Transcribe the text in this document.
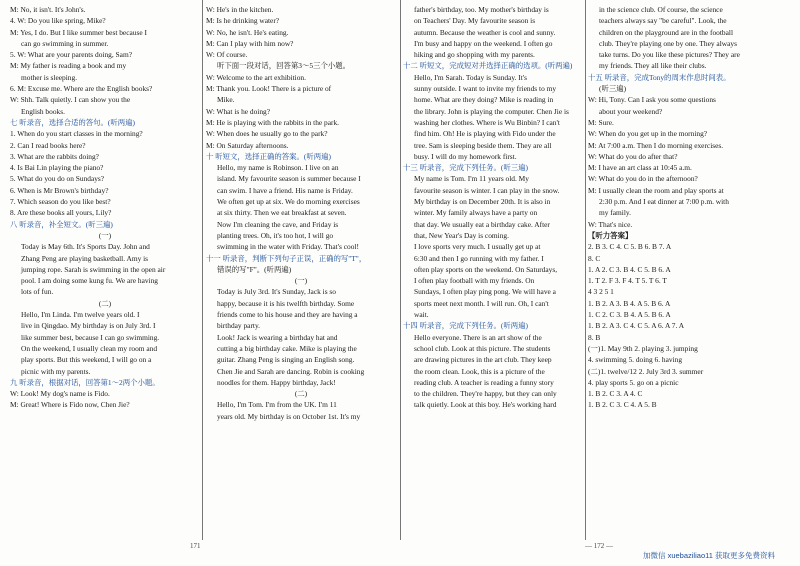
M: No, it isn't. It's John's.
4. W: Do you like spring, Mike?
M: Yes, I do. But I like summer best because I
can go swimming in summer.
5. W: What are your parents doing, Sam?
M: My father is reading a book and my
mother is sleeping.
6. M: Excuse me. Where are the English books?
W: Shh. Talk quietly. I can show you the
English books.
七 听录音，选择合适的答句。(听两遍)
1. When do you start classes in the morning?
2. Can I read books here?
3. What are the rabbits doing?
4. Is Bai Lin playing the piano?
5. What do you do on Sundays?
6. When is Mr Brown's birthday?
7. Which season do you like best?
8. Are these books all yours, Lily?
八 听录音，补全短文。(听三遍)
(一)
Today is May 6th. It's Sports Day. John and
Zhang Peng are playing basketball. Amy is
jumping rope. Sarah is swimming in the open air
pool. I am doing some kung fu. We are having
lots of fun.
(二)
Hello, I'm Linda. I'm twelve years old. I
live in Qingdao. My birthday is on July 3rd. I
like summer best, because I can go swimming.
On the weekend, I usually clean my room and
play sports. But this weekend, I will go on a
picnic with my parents.
九 听录音，根据对话，回答第1～2两个小题。
W: Look! My dog's name is Fido.
M: Great! Where is Fido now, Chen Jie?
W: He's in the kitchen.
M: Is he drinking water?
W: No, he isn't. He's eating.
M: Can I play with him now?
W: Of course.
听下面一段对话，回答第3～5三个小题。
W: Welcome to the art exhibition.
M: Thank you. Look! There is a picture of
Mike.
W: What is he doing?
M: He is playing with the rabbits in the park.
W: When does he usually go to the park?
M: On Saturday afternoons.
十 听短文，选择正确的答案。(听两遍)
Hello, my name is Robinson. I live on an
island. My favourite season is summer because I
can swim. I have a friend. His name is Friday.
We often get up at six. We do morning exercises
at six thirty. Then we eat breakfast at seven.
Now I'm cleaning the cave, and Friday is
planting trees. Oh, it's too hot, I will go
swimming in the water with Friday. That's cool!
十一 听录音，判断下列句子正误，正确的写"T"，
错误的写"F"。(听两遍)
(一)
Today is July 3rd. It's Sunday, Jack is so
happy, because it is his twelfth birthday. Some
friends come to his house and they are having a
birthday party.
Look! Jack is wearing a birthday hat and
cutting a big birthday cake. Mike is playing the
guitar. Zhang Peng is singing an English song.
Chen Jie and Sarah are dancing. Robin is cooking
noodles for them. Happy birthday, Jack!
(二)
Hello, I'm Tom. I'm from the UK. I'm 11
years old. My birthday is on October 1st. It's my
father's birthday, too. My mother's birthday is
on Teachers' Day. My favourite season is
autumn. Because the weather is cool and sunny.
I'm busy and happy on the weekend. I often go
hiking and go shopping with my parents.
十二 听短文，完成短对并选择正确的选项。(听两遍)
Hello, I'm Sarah. Today is Sunday. It's
sunny outside. I want to invite my friends to my
home. What are they doing? Mike is reading in
the library. John is playing the computer. Chen Jie is
washing her clothes. Where is Wu Binbin? I can't
find him. Oh! He is playing with Fido under the
tree. Sam is sleeping beside them. They are all
busy. I will do my homework first.
十三 听录音，完成下列任务。(听三遍)
My name is Tom. I'm 11 years old. My
favourite season is winter. I can play in the snow.
My birthday is on December 20th. It is also in
winter. My family always have a party on
that day. We usually eat a birthday cake. After
that, New Year's Day is coming.
I love sports very much. I usually get up at
6:30 and then I go running with my father. I
often play sports on the weekend. On Saturdays,
I often play football with my friends. On
Sundays, I often play ping pong. We will have a
sports meet next month. I will run. Oh, I can't
wait.
十四 听录音，完成下列任务。(听两遍)
Hello everyone. There is an art show of the
school club. Look at this picture. The students
are drawing pictures in the art club. They keep
the room clean. Look, this is a picture of the
reading club. A teacher is reading a funny story
to the children. They're happy, but they can only
talk quietly. Look at this boy. He's working hard
in the science club. Of course, the science
teachers always say "be careful". Look, the
children on the playground are in the football
club. They're playing one by one. They always
take turns. Do you like these pictures? They are
my friends. They all like their clubs.
十五 听录音，完成Tony的周末作息时间表。
(听三遍)
W: Hi, Tony. Can I ask you some questions
about your weekend?
M: Sure.
W: When do you get up in the morning?
M: At 7:00 a.m. Then I do morning exercises.
W: What do you do after that?
M: I have an art class at 10:45 a.m.
W: What do you do in the afternoon?
M: I usually clean the room and play sports at
2:30 p.m. And I eat dinner at 7:00 p.m. with
my family.
W: That's nice.
【听力答案】
2. B 3. C 4. C 5. B 6. B 7. A
8. C
1. A 2. C 3. B 4. C 5. B 6. A
1. T 2. F 3. F 4. T 5. T 6. T
4 3 2 5 1
1. B 2. A 3. B 4. A 5. B 6. A
1. C 2. C 3. B 4. A 5. B 6. A
1. B 2. A 3. C 4. C 5. A 6. A 7. A
8. B
(一)1. May 9th 2. playing 3. jumping
4. swimming 5. doing 6. having
(二)1. twelve/12 2. July 3rd 3. summer
4. play sports 5. go on a picnic
1. B 2. C 3. A 4. C
1. B 2. C 3. C 4. A 5. B
171	— 172 —
加微信 xuebaziliao11 获取更多免费资料
